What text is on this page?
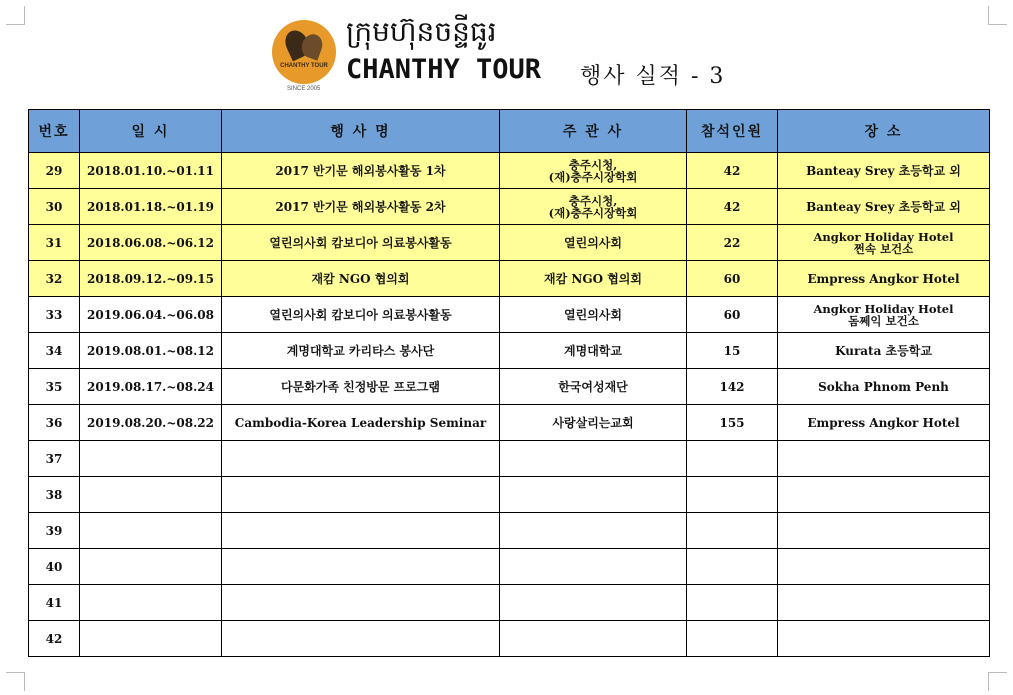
CHANTHY TOUR
SINCE 2005
ក្រុមហ៊ុនចន្ទីធូរ
CHANTHY TOUR 행사 실적 - 3
번호	일 시	행 사 명	주 관 사	참석인원	장 소
29	2018.01.10.~01.11	2017 반기문 해외봉사활동 1차	충주시청,
(재)충주시장학회	42	Banteay Srey 초등학교 외
30	2018.01.18.~01.19	2017 반기문 해외봉사활동 2차	충주시청,
(재)충주시장학회	42	Banteay Srey 초등학교 외
31	2018.06.08.~06.12	열린의사회 캄보디아 의료봉사활동	열린의사회	22	Angkor Holiday Hotel
쩐속 보건소

32	2018.09.12.~09.15	재캄 NGO 협의회	재캄 NGO 협의회	60	Empress Angkor Hotel
33	2019.06.04.~06.08	열린의사회 캄보디아 의료봉사활동	열린의사회	60	Angkor Holiday Hotel
돔쩨익 보건소

34	2019.08.01.~08.12	계명대학교 카리타스 봉사단	계명대학교	15	Kurata 초등학교
35	2019.08.17.~08.24	다문화가족 친정방문 프로그램	한국여성재단	142	Sokha Phnom Penh
36	2019.08.20.~08.22	Cambodia-Korea Leadership Seminar	사랑살리는교회	155	Empress Angkor Hotel
37					
38					
39					
40					
41					
42					
